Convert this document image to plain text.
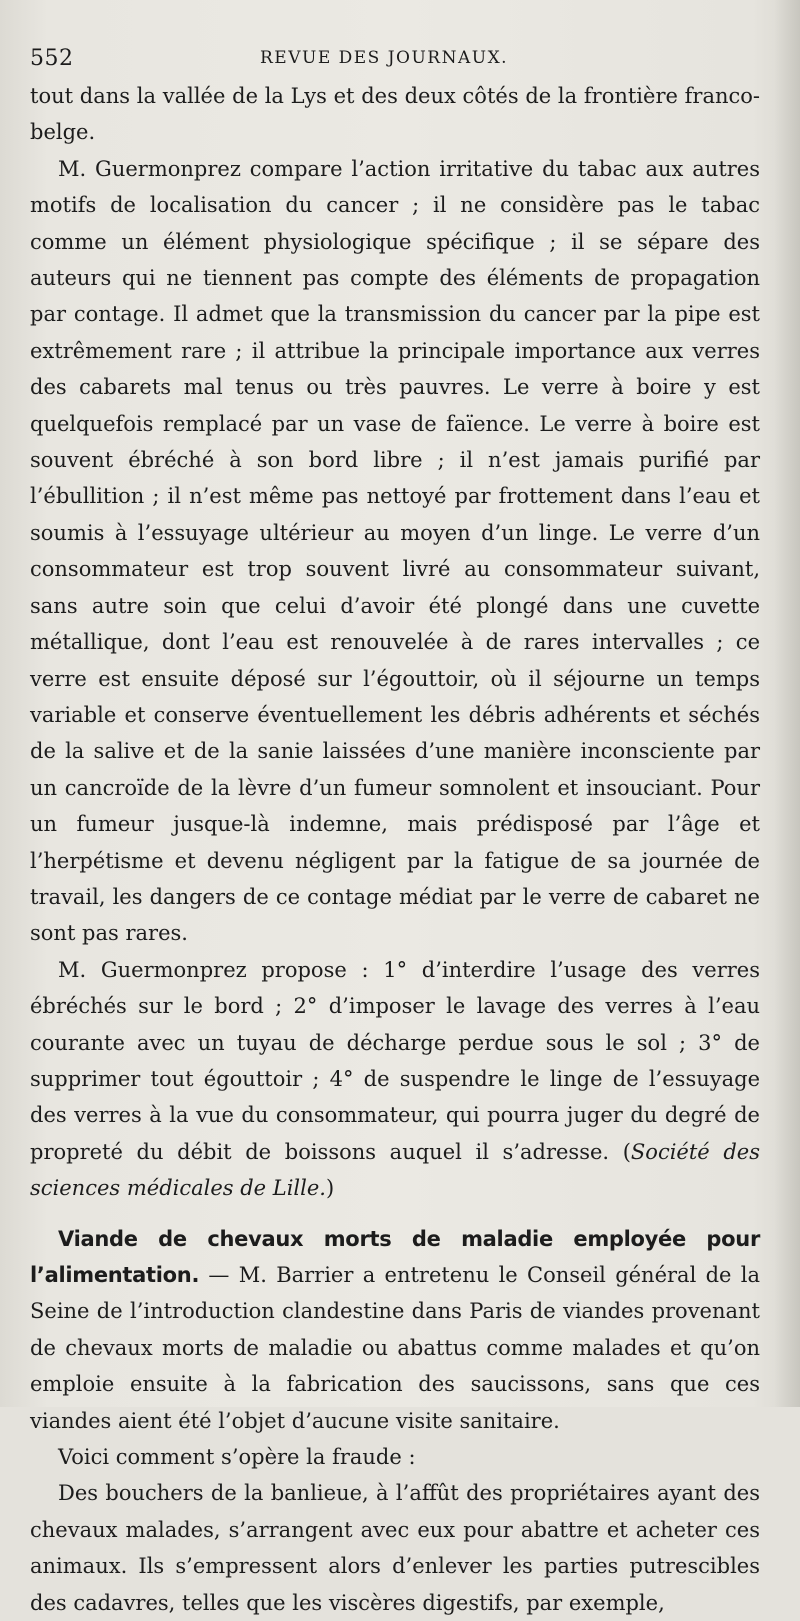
552	REVUE DES JOURNAUX.

tout dans la vallée de la Lys et des deux côtés de la frontière franco-belge.

M. Guermonprez compare l’action irritative du tabac aux autres motifs de localisation du cancer ; il ne considère pas le tabac comme un élément physiologique spécifique ; il se sépare des auteurs qui ne tiennent pas compte des éléments de propagation par contage. Il admet que la transmission du cancer par la pipe est extrêmement rare ; il attribue la principale importance aux verres des cabarets mal tenus ou très pauvres. Le verre à boire y est quelquefois remplacé par un vase de faïence. Le verre à boire est souvent ébréché à son bord libre ; il n’est jamais purifié par l’ébullition ; il n’est même pas nettoyé par frottement dans l’eau et soumis à l’essuyage ultérieur au moyen d’un linge. Le verre d’un consommateur est trop souvent livré au consommateur suivant, sans autre soin que celui d’avoir été plongé dans une cuvette métallique, dont l’eau est renouvelée à de rares intervalles ; ce verre est ensuite déposé sur l’égouttoir, où il séjourne un temps variable et conserve éventuellement les débris adhérents et séchés de la salive et de la sanie laissées d’une manière inconsciente par un cancroïde de la lèvre d’un fumeur somnolent et insouciant. Pour un fumeur jusque-là indemne, mais prédisposé par l’âge et l’herpétisme et devenu négligent par la fatigue de sa journée de travail, les dangers de ce contage médiat par le verre de cabaret ne sont pas rares.

M. Guermonprez propose : 1° d’interdire l’usage des verres ébréchés sur le bord ; 2° d’imposer le lavage des verres à l’eau courante avec un tuyau de décharge perdue sous le sol ; 3° de supprimer tout égouttoir ; 4° de suspendre le linge de l’essuyage des verres à la vue du consommateur, qui pourra juger du degré de propreté du débit de boissons auquel il s’adresse. (Société des sciences médicales de Lille.)

Viande de chevaux morts de maladie employée pour l’alimentation. — M. Barrier a entretenu le Conseil général de la Seine de l’introduction clandestine dans Paris de viandes provenant de chevaux morts de maladie ou abattus comme malades et qu’on emploie ensuite à la fabrication des saucissons, sans que ces viandes aient été l’objet d’aucune visite sanitaire.

Voici comment s’opère la fraude :

Des bouchers de la banlieue, à l’affût des propriétaires ayant des chevaux malades, s’arrangent avec eux pour abattre et acheter ces animaux. Ils s’empressent alors d’enlever les parties putrescibles des cadavres, telles que les viscères digestifs, par exemple,
